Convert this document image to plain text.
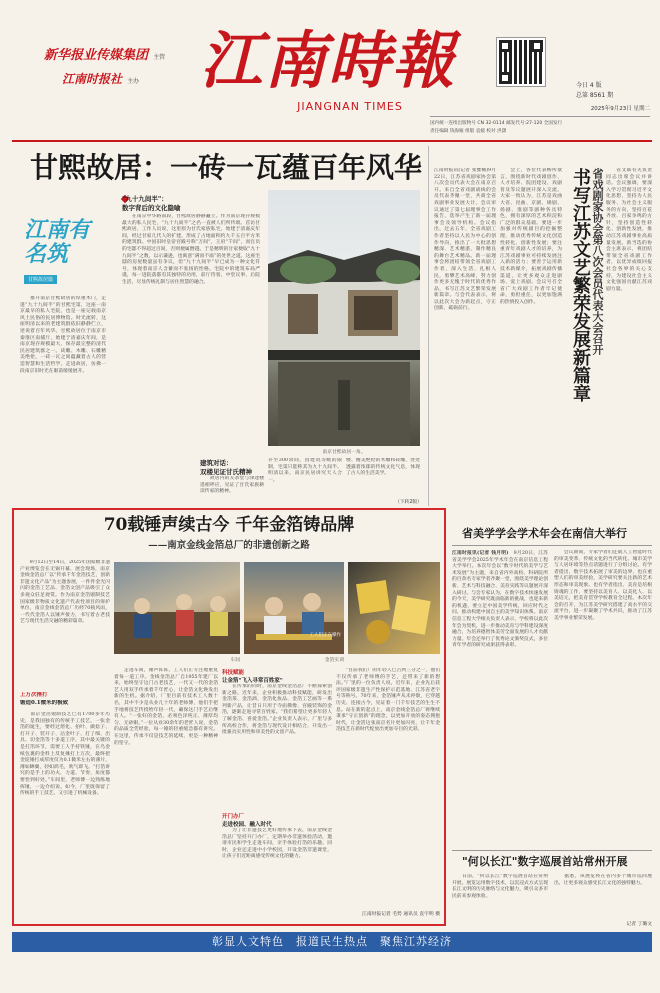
新华报业传媒集团 主管
江南时报社 主办 江南時報
JIANGNAN TIMES
今日 4 版
总第 8561 期
2025年9月23日 星期二
国内统一连续出版物号 CN 32-0114 邮发代号:27-120 全国发行
责任编辑 钱海雁 组版 袁媛 校对 洪潇
甘熙故居：一砖一瓦蕴百年风华
江南有名筑
甘熙故居篇
　　推开南京甘熙故居的厚重木门，走进“九十九间半”的甘熙宅第，这座一南京最早的私人宅院，也是一座记载南京风土民俗的民居博物馆。时光流转，这座明清以来的老建筑群依旧静静伫立，述说着百年风华。甘熙故居位于南京市秦淮区南捕厅，始建于清嘉庆年间，是南京现存规模最大、保存最完整的清代民居建筑群之一。砖雕、木雕、石雕精美绝伦，一砖一瓦之间蕴藏着古人的营造智慧和生活哲学。走进故居，仿佛一段南京旧时光在眼前缓缓展开。
"九十九间半"：
数字背后的文化隐喻
　　在南京中华路南段，甘熙故居静静矗立。作为南京现存规模最大的私人民宅，“九十九间半”之名一直被人们所传颂。首访甘熙故居，工作人员说，这里原为甘氏家族私宅，始建于清嘉庆年间，经过甘家几代人的扩建，形成了占地面积约九千五百平方米的建筑群。中国旧时皇帝宫殿号称“万间”，王府“千间”，而官员的宅邸不得超过百间，否则便属僭越。于是精明的甘家便取“九十九间半”之数，以示谦逊，也寓意“满而不溢”的处世之道。这座宅邸的房屋数量虽有争议，但“九十九间半”早已成为一种文化符号，体现着南京人含蓄而不张扬的性格。宅院中的建筑布局严谨，每一进院落都有其独特的功用，前厅待客，中堂议事，后院生活，尽显传统礼制与居住智慧的融合。
南京甘熙故居一角。
存至300余间，因建筑等级的限制，宅第只能称其为九十九间半。明清以来，南京民居讲究天人合一。
楼、精美绝伦的木雕和砖雕，处处透露着浓郁的传统文化气息，体现了古人的生活美学。
建筑对话：
双楼见证甘氏精神
　　故居内的友恭堂与津逮楼遥相呼应，见证了甘氏家族耕读传家的精神。
（下转2版）
江南时报讯(记者 张雅楠)9月22日，江苏省戏剧家协会第八次会员代表大会在南京召开。来自全省戏剧战线的会员代表齐聚一堂，共商全省戏剧事业发展大计。会议审议通过了第七届理事会工作报告，选举产生了新一届理事会及领导机构。会议指出，过去五年，全省戏剧工作者坚持以人民为中心的创作导向，推出了一大批思想精深、艺术精湛、制作精良的舞台艺术精品。新一届理事会将团结带领全省戏剧工作者，深入生活、扎根人民，勇攀艺术高峰，努力创作更多无愧于时代的优秀作品，书写江苏文艺繁荣发展新篇章。与会代表表示，将以此次大会为新起点，守正创新、砥砺前行。
　　会上，各位代表畅所欲言，围绕新时代戏剧创作、人才培养、院团建设、戏剧普及等议题展开深入交流。大家一致认为，江苏是戏曲大省，昆曲、京剧、锡剧、扬剧、淮剧等剧种各具特色，拥有深厚的艺术积淀和广泛的群众基础。要进一步加强对传统剧目的挖掘整理，推动优秀传统文化创造性转化、创新性发展；要注重青年戏剧人才的培养，为江苏戏剧事业可持续发展注入新的活力；要善于运用新技术新媒介，拓展戏剧传播渠道，让更多观众走进剧场、爱上戏剧。会议号召全省广大戏剧工作者牢记使命，勇担重任，以更加饱满的热情投入创作。	书写江苏文艺繁荣发展新篇章 省戏剧家协会第八次会员代表大会召开 　　省文联有关负责同志出席会议并讲话。会议强调，要深入学习贯彻习近平文化思想，坚持为人民服务、为社会主义服务的方向，坚持百花齐放、百家争鸣的方针，坚持创造性转化、创新性发展，推动江苏戏剧事业高质量发展。新当选的协会主席表示，将团结带领全省戏剧工作者，以优异成绩回报社会各界的关心支持，为建设社会主义文化强国贡献江苏戏剧力量。
70载锤声续古今 千年金箔铸品牌
——南京金线金箔总厂的非遗创新之路
　　9月12日至14日，2025年国家级非遗产业博览会在无锡开幕，展会现场，南京金线金箔总厂以“传承千年金箔技艺，创新非遗文化产品”为主题参展，一件件金光闪闪的金箔工艺品、金箔文创产品吸引了众多观众驻足观赏。作为南京金箔锻制技艺国家级非物质文化遗产代表性项目的保护单位，南京金线金箔总厂历经70载风雨，一代代金箔人以锤声接力，书写着古老技艺与现代生活交融的精彩篇章。
车间
工人们正在操作
金箔实训
上万次捶打
锻造0.1微米的极致
　　南京金箔锻制技艺已有1700多年历史，是我国独有的传统手工技艺。一张金箔的诞生，要经过熔化、拍叶、做捻子、打开子、装开子、沾金叶子、打了细、出具、切金箔等十多道工序，其中最关键的是打箔环节，需要工人手持铁锤，在乌金纸包裹的金料上反复捶打上万次，最终把金锭锤打成厚度仅为0.1微米左右的薄片，薄如蝉翼，轻如鸿毛，吹气即飞。“打箔讲究的是手上的功夫，力道、节奏、角度都要恰到好处。”车间里，老师傅一边熟练地挥锤，一边介绍说。如今，厂里既保留了传统的手工技艺，又引进了机械设备。
　　走进车间，锤声阵阵，工人们正专注地重复着每一道工序。金线金箔总厂自1955年建厂以来，始终坚守这门古老技艺，一代又一代的金箔艺人用双手传承着千年匠心，让金箔文化焕发出新的生机。据介绍，厂里目前有技术工人数十名，其中不少是从业几十年的老师傅，他们手把手地将技艺传授给年轻一代，确保这门手艺后继有人。“一张好的金箔，必须色泽纯正、薄厚均匀、无砂眼。”一位从业30余年的老匠人说，金箔的品质全凭经验，每一锤的轻重缓急都有讲究。在这里，传承不仅是技艺的延续，更是一种精神的坚守。
科技赋能
让金箔"飞入寻常百姓家"
　　在传承的同时，南京金线金箔总厂不断探索创新之路。近年来，企业积极推动科技赋能，研发出金箔茶、金箔酒、金箔化妆品、金箔工艺画等一系列新产品，让昔日只用于寺庙佛像、宫殿装饰的金箔，逐渐走进寻常百姓家。“我们希望让更多年轻人了解金箔、喜爱金箔。”企业负责人表示，厂里与多所高校合作，将金箔与现代设计相结合，开发出一批兼具实用性和审美性的文创产品。
开门办厂
走进校园、融入时代
　　为了让非遗技艺更好地传承下去，南京金线金箔总厂坚持开门办厂，定期举办非遗体验活动，邀请市民和学生走进车间，亲手体验打箔的乐趣。同时，企业还走进中小学校园，开设金箔非遗课堂，让孩子们近距离感受传统文化的魅力。
　　“目前我们厂的年轻人已占到三分之一，他们不仅传承了老师傅的手艺，还带来了新的想法。”厂里的一位负责人说，近年来，企业先后获评国家级非遗生产性保护示范基地、江苏省老字号等称号。70年来，金箔锤声从未停歇，它穿越历史、连接古今，见证着一门千年技艺的生生不息。站在新的起点上，南京金线金箔总厂将继续秉承“守正创新”的理念，以更加开放的姿态拥抱时代，让金箔这张南京名片更加闪亮，让千年金箔技艺在新时代绽放出更加夺目的光彩。
江南时报记者 毛势 通讯员 袁宇明 摄
省美学学会学术年会在南信大举行
江南时报讯(记者 钱月明)　9月20日，江苏省美学学会2025年学术年会在南京信息工程大学举行。本次年会以“数字时代的美学与艺术发展”为主题，来自省内外高校、科研院所的百余名专家学者齐聚一堂，围绕美学理论创新、艺术与科技融合、美育实践等议题展开深入研讨。与会专家认为，在数字技术快速发展的今天，美学研究既面临新的挑战，也迎来新的机遇，要立足中国美学传统，回应时代之问，推动构建中国自主的美学知识体系。南京信息工程大学相关负责人表示，学校将以此次年会为契机，进一步推动美育与学科建设深度融合，为培养德智体美劳全面发展的人才贡献力量。年会还举行了优秀论文颁奖仪式，多位青年学者的研究成果获得表彰。
　　会议期间，专家学者们还就人工智能时代的审美变革、传统文化的当代转化、城市美学与人居环境等热点话题进行了分组讨论。有学者提出，数字技术拓展了审美的边界，也在重塑人们的审美经验，美学研究要关注新的艺术形态和审美现象。也有学者指出，美育是培根铸魂的工作，要坚持以美育人、以美化人、以美培元，把美育贯穿学校教育全过程。本次年会的召开，为江苏美学研究搭建了高水平的交流平台，进一步凝聚了学术共识，推动了江苏美学事业繁荣发展。
"何以长江"数字巡展首站常州开展
　　日前，“何以长江”数字巡展首站在常州开展。展览运用数字技术，以沉浸式方式呈现长江文明的历史脉络与文化魅力，吸引众多市民前来参观体验。
　　据悉，该展览将在省内多个城市巡回展出，让更多观众感受长江文化的独特魅力。
记者 丁璐文
彰显人文特色　报道民生热点　聚焦江苏经济
